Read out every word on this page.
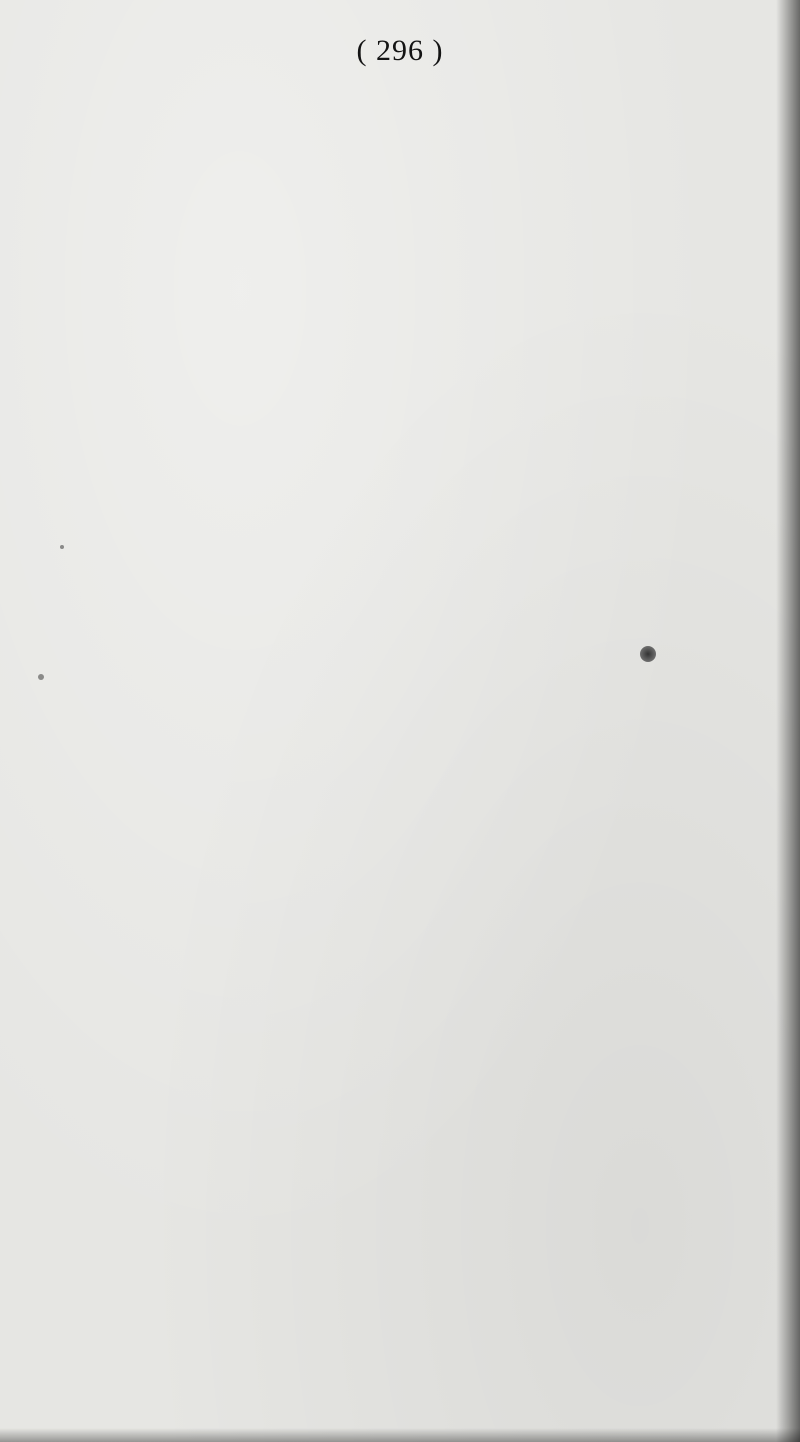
( 296 )
